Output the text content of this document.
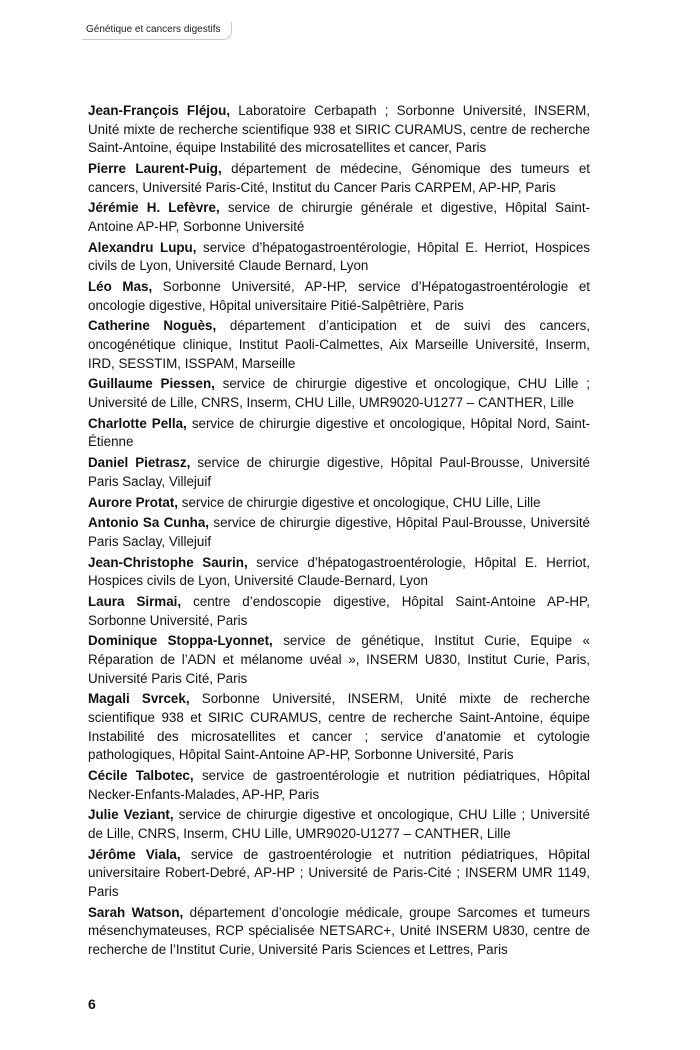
Génétique et cancers digestifs
Jean-François Fléjou, Laboratoire Cerbapath ; Sorbonne Université, INSERM, Unité mixte de recherche scientifique 938 et SIRIC CURAMUS, centre de recherche Saint-Antoine, équipe Instabilité des microsatellites et cancer, Paris
Pierre Laurent-Puig, département de médecine, Génomique des tumeurs et cancers, Université Paris-Cité, Institut du Cancer Paris CARPEM, AP-HP, Paris
Jérémie H. Lefèvre, service de chirurgie générale et digestive, Hôpital Saint-Antoine AP-HP, Sorbonne Université
Alexandru Lupu, service d’hépatogastroentérologie, Hôpital E. Herriot, Hospices civils de Lyon, Université Claude Bernard, Lyon
Léo Mas, Sorbonne Université, AP-HP, service d’Hépatogastroentérologie et oncologie digestive, Hôpital universitaire Pitié-Salpêtrière, Paris
Catherine Noguès, département d’anticipation et de suivi des cancers, oncogénétique clinique, Institut Paoli-Calmettes, Aix Marseille Université, Inserm, IRD, SESSTIM, ISSPAM, Marseille
Guillaume Piessen, service de chirurgie digestive et oncologique, CHU Lille ; Université de Lille, CNRS, Inserm, CHU Lille, UMR9020-U1277 – CANTHER, Lille
Charlotte Pella, service de chirurgie digestive et oncologique, Hôpital Nord, Saint-Étienne
Daniel Pietrasz, service de chirurgie digestive, Hôpital Paul-Brousse, Université Paris Saclay, Villejuif
Aurore Protat, service de chirurgie digestive et oncologique, CHU Lille, Lille
Antonio Sa Cunha, service de chirurgie digestive, Hôpital Paul-Brousse, Université Paris Saclay, Villejuif
Jean-Christophe Saurin, service d’hépatogastroentérologie, Hôpital E. Herriot, Hospices civils de Lyon, Université Claude-Bernard, Lyon
Laura Sirmai, centre d’endoscopie digestive, Hôpital Saint-Antoine AP-HP, Sorbonne Université, Paris
Dominique Stoppa-Lyonnet, service de génétique, Institut Curie, Equipe « Réparation de l’ADN et mélanome uvéal », INSERM U830, Institut Curie, Paris, Université Paris Cité, Paris
Magali Svrcek, Sorbonne Université, INSERM, Unité mixte de recherche scientifique 938 et SIRIC CURAMUS, centre de recherche Saint-Antoine, équipe Instabilité des microsatellites et cancer ; service d’anatomie et cytologie pathologiques, Hôpital Saint-Antoine AP-HP, Sorbonne Université, Paris
Cécile Talbotec, service de gastroentérologie et nutrition pédiatriques, Hôpital Necker-Enfants-Malades, AP-HP, Paris
Julie Veziant, service de chirurgie digestive et oncologique, CHU Lille ; Université de Lille, CNRS, Inserm, CHU Lille, UMR9020-U1277 – CANTHER, Lille
Jérôme Viala, service de gastroentérologie et nutrition pédiatriques, Hôpital universitaire Robert-Debré, AP-HP ; Université de Paris-Cité ; INSERM UMR 1149, Paris
Sarah Watson, département d’oncologie médicale, groupe Sarcomes et tumeurs mésenchymateuses, RCP spécialisée NETSARC+, Unité INSERM U830, centre de recherche de l’Institut Curie, Université Paris Sciences et Lettres, Paris
6
